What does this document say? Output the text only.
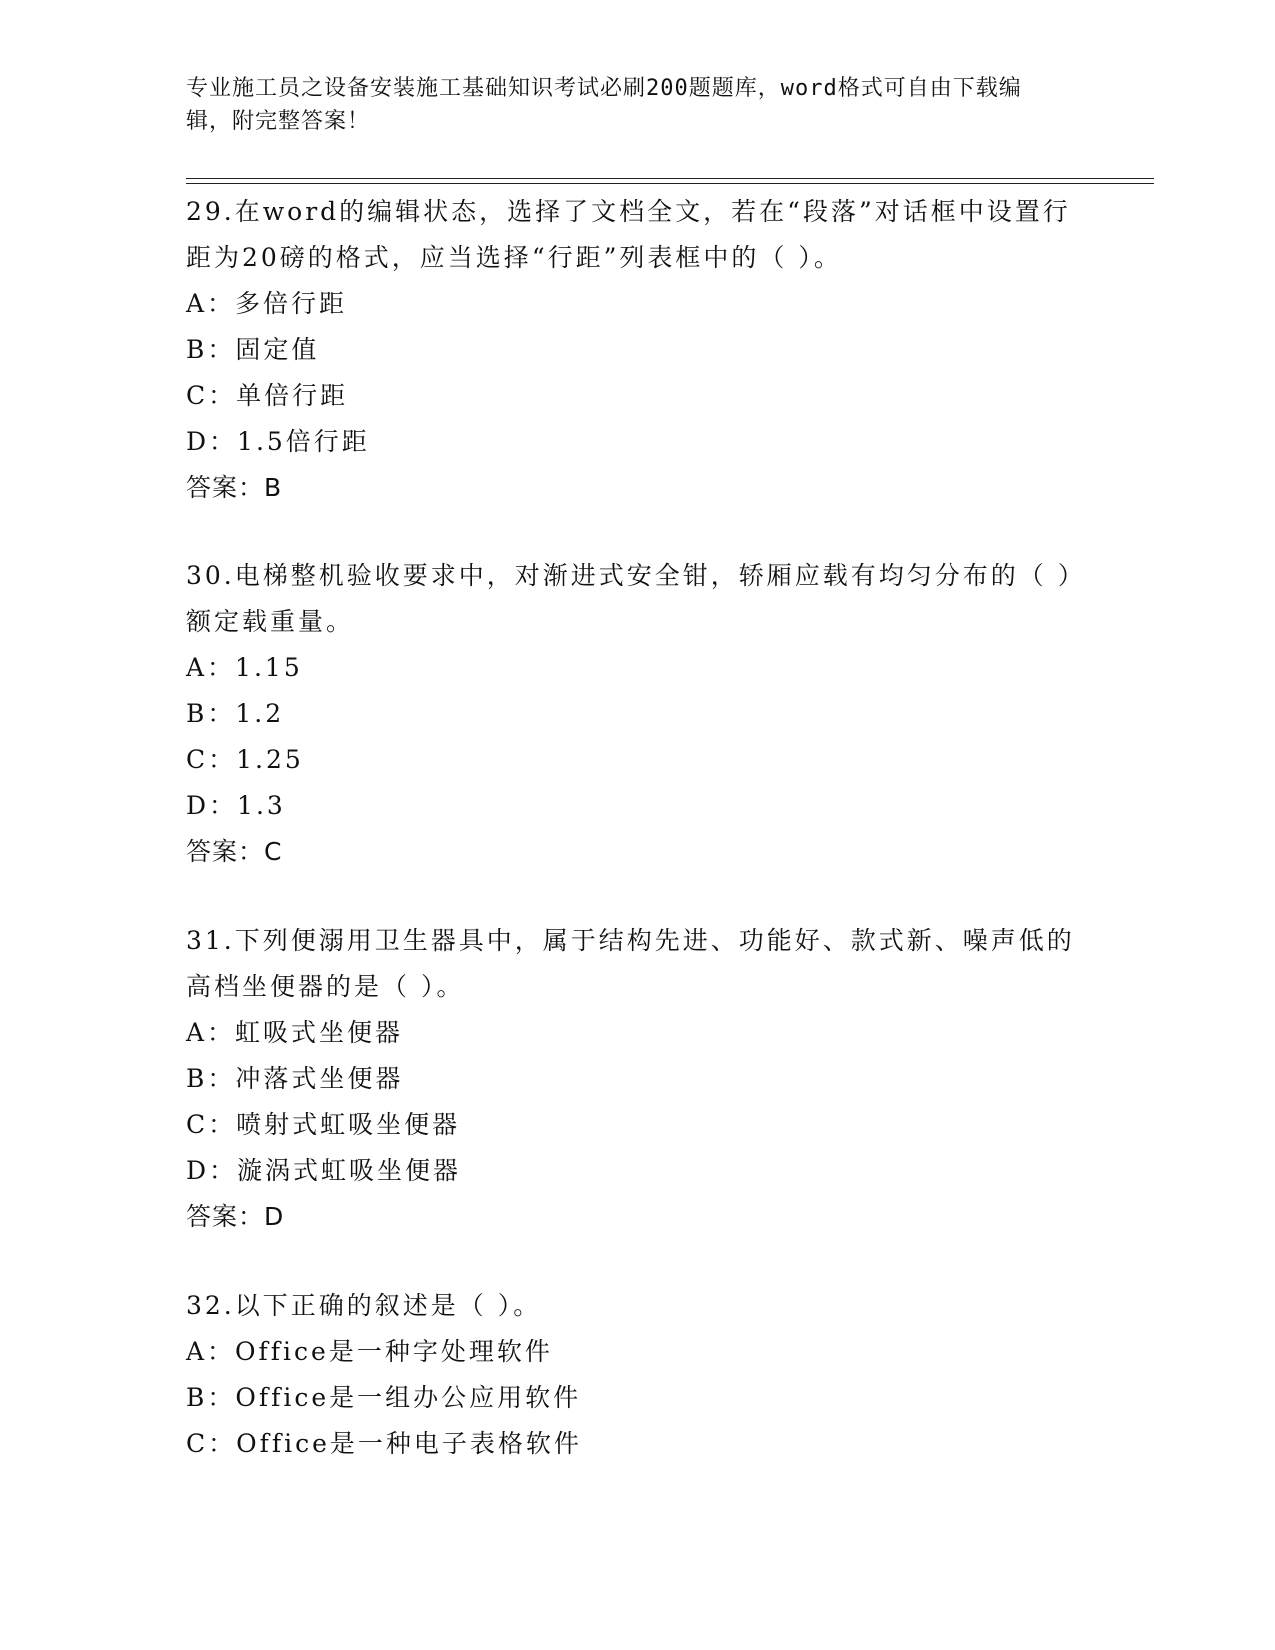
专业施工员之设备安装施工基础知识考试必刷200题题库，word格式可自由下载编辑，附完整答案！

29.在word的编辑状态，选择了文档全文，若在“段落”对话框中设置行距为20磅的格式，应当选择“行距”列表框中的（ ）。

A：多倍行距
B：固定值
C：单倍行距
D：1.5倍行距
答案：B

30.电梯整机验收要求中，对渐进式安全钳，轿厢应载有均匀分布的（ ）额定载重量。

A：1.15
B：1.2
C：1.25
D：1.3
答案：C

31.下列便溺用卫生器具中，属于结构先进、功能好、款式新、噪声低的高档坐便器的是（ ）。

A：虹吸式坐便器
B：冲落式坐便器
C：喷射式虹吸坐便器
D：漩涡式虹吸坐便器
答案：D

32.以下正确的叙述是（ ）。

A：Office是一种字处理软件
B：Office是一组办公应用软件
C：Office是一种电子表格软件
